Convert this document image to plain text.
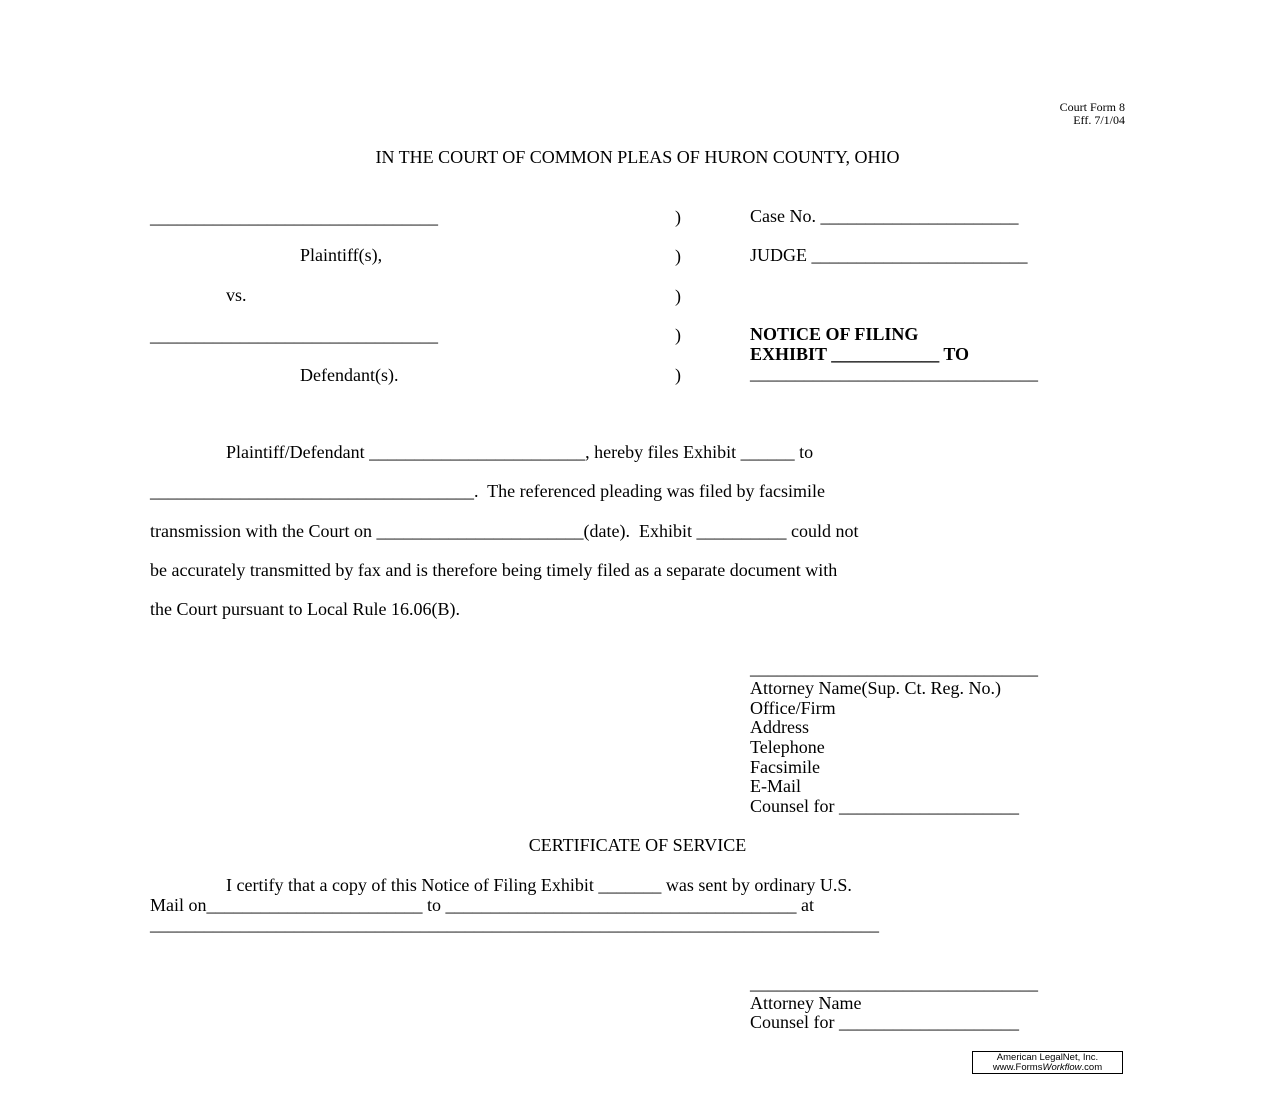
Court Form 8
Eff. 7/1/04
IN THE COURT OF COMMON PLEAS OF HURON COUNTY, OHIO
________________________________
Plaintiff(s),
vs.
________________________________
Defendant(s).
)
)
)
)
)
Case No. ______________________
JUDGE ________________________
NOTICE OF FILING
EXHIBIT ____________ TO
________________________________
Plaintiff/Defendant ________________________, hereby files Exhibit ______ to
____________________________________.  The referenced pleading was filed by facsimile
transmission with the Court on _______________________(date).  Exhibit __________ could not
be accurately transmitted by fax and is therefore being timely filed as a separate document with
the Court pursuant to Local Rule 16.06(B).
________________________________
Attorney Name(Sup. Ct. Reg. No.)
Office/Firm
Address
Telephone
Facsimile
E-Mail
Counsel for ____________________
CERTIFICATE OF SERVICE
I certify that a copy of this Notice of Filing Exhibit _______ was sent by ordinary U.S.
Mail on________________________ to _______________________________________ at
_________________________________________________________________________________
________________________________
Attorney Name
Counsel for ____________________
American LegalNet, Inc.
www.FormsWorkflow.com
